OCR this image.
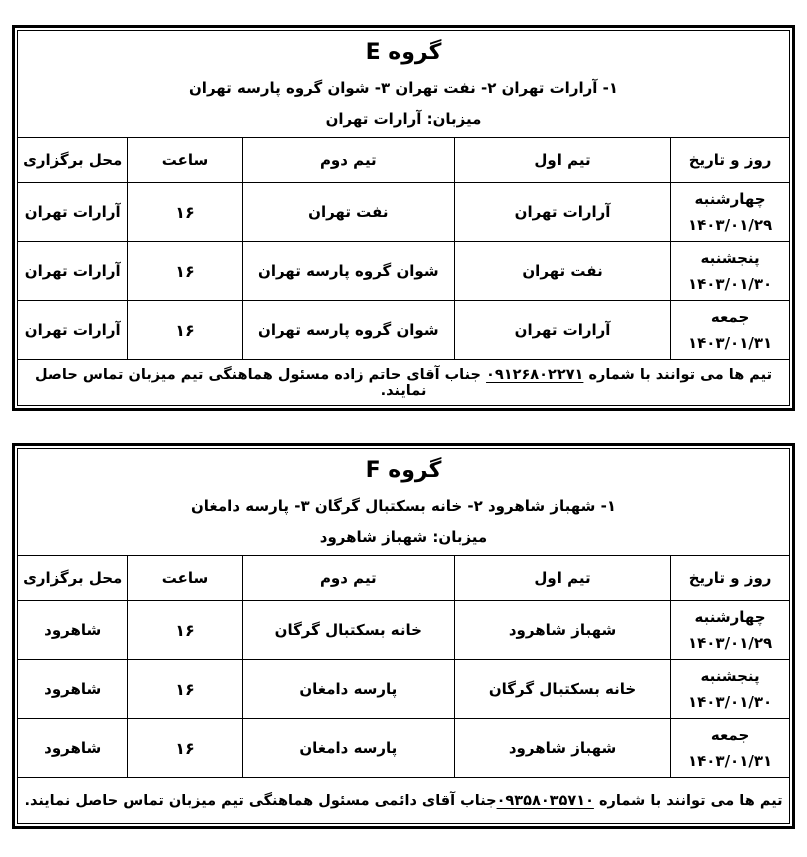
گروه E
۱- آرارات تهران ۲- نفت تهران ۳- شوان گروه پارسه تهران
میزبان: آرارات تهران				

روز و تاریخ	تیم اول	تیم دوم	ساعت	محل برگزاری

چهارشنبه
۱۴۰۳/۰۱/۲۹	آرارات تهران	نفت تهران	۱۶	آرارات تهران

پنجشنبه
۱۴۰۳/۰۱/۳۰	نفت تهران	شوان گروه پارسه تهران	۱۶	آرارات تهران

جمعه
۱۴۰۳/۰۱/۳۱	آرارات تهران	شوان گروه پارسه تهران	۱۶	آرارات تهران
تیم ها می توانند با شماره ۰۹۱۲۶۸۰۲۲۷۱ جناب آقای حاتم زاده مسئول هماهنگی تیم میزبان تماس حاصل نمایند.				
گروه F
۱- شهباز شاهرود ۲- خانه بسکتبال گرگان ۳- پارسه دامغان
میزبان: شهباز شاهرود				

روز و تاریخ	تیم اول	تیم دوم	ساعت	محل برگزاری

چهارشنبه
۱۴۰۳/۰۱/۲۹	شهباز شاهرود	خانه بسکتبال گرگان	۱۶	شاهرود

پنجشنبه
۱۴۰۳/۰۱/۳۰	خانه بسکتبال گرگان	پارسه دامغان	۱۶	شاهرود

جمعه
۱۴۰۳/۰۱/۳۱	شهباز شاهرود	پارسه دامغان	۱۶	شاهرود
تیم ها می توانند با شماره ۰۹۳۵۸۰۳۵۷۱۰جناب آقای دائمی مسئول هماهنگی تیم میزبان تماس حاصل نمایند.				
